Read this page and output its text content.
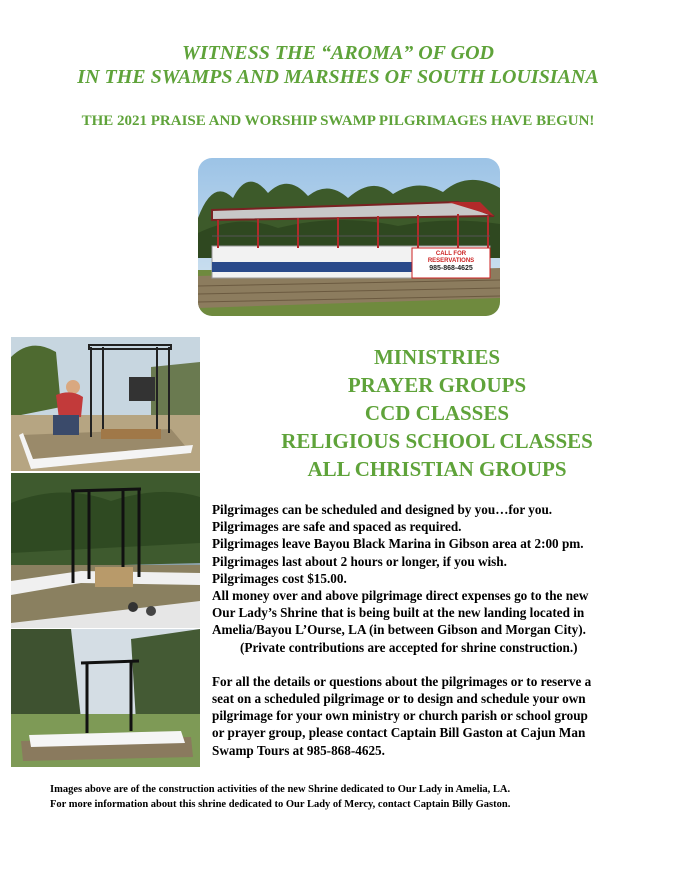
WITNESS THE “AROMA” OF GOD
IN THE SWAMPS AND MARSHES OF SOUTH LOUISIANA
THE 2021 PRAISE AND WORSHIP SWAMP PILGRIMAGES HAVE BEGUN!
CALL FOR
RESERVATIONS
985-868-4625
MINISTRIES
PRAYER GROUPS
CCD CLASSES
RELIGIOUS SCHOOL CLASSES
ALL CHRISTIAN GROUPS

Pilgrimages can be scheduled and designed by you…for you.

Pilgrimages are safe and spaced as required.

Pilgrimages leave Bayou Black Marina in Gibson area at 2:00 pm.

Pilgrimages last about 2 hours or longer, if you wish.

Pilgrimages cost $15.00.

All money over and above pilgrimage direct expenses go to the new

Our Lady’s Shrine that is being built at the new landing located in

Amelia/Bayou L’Ourse, LA (in between Gibson and Morgan City).

(Private contributions are accepted for shrine construction.)

For all the details or questions about the pilgrimages or to reserve a

seat on a scheduled pilgrimage or to design and schedule your own

pilgrimage for your own ministry or church parish or school group

or prayer group, please contact Captain Bill Gaston at Cajun Man

Swamp Tours at 985-868-4625.

Images above are of the construction activities of the new Shrine dedicated to Our Lady in Amelia, LA.

For more information about this shrine dedicated to Our Lady of Mercy, contact Captain Billy Gaston.
